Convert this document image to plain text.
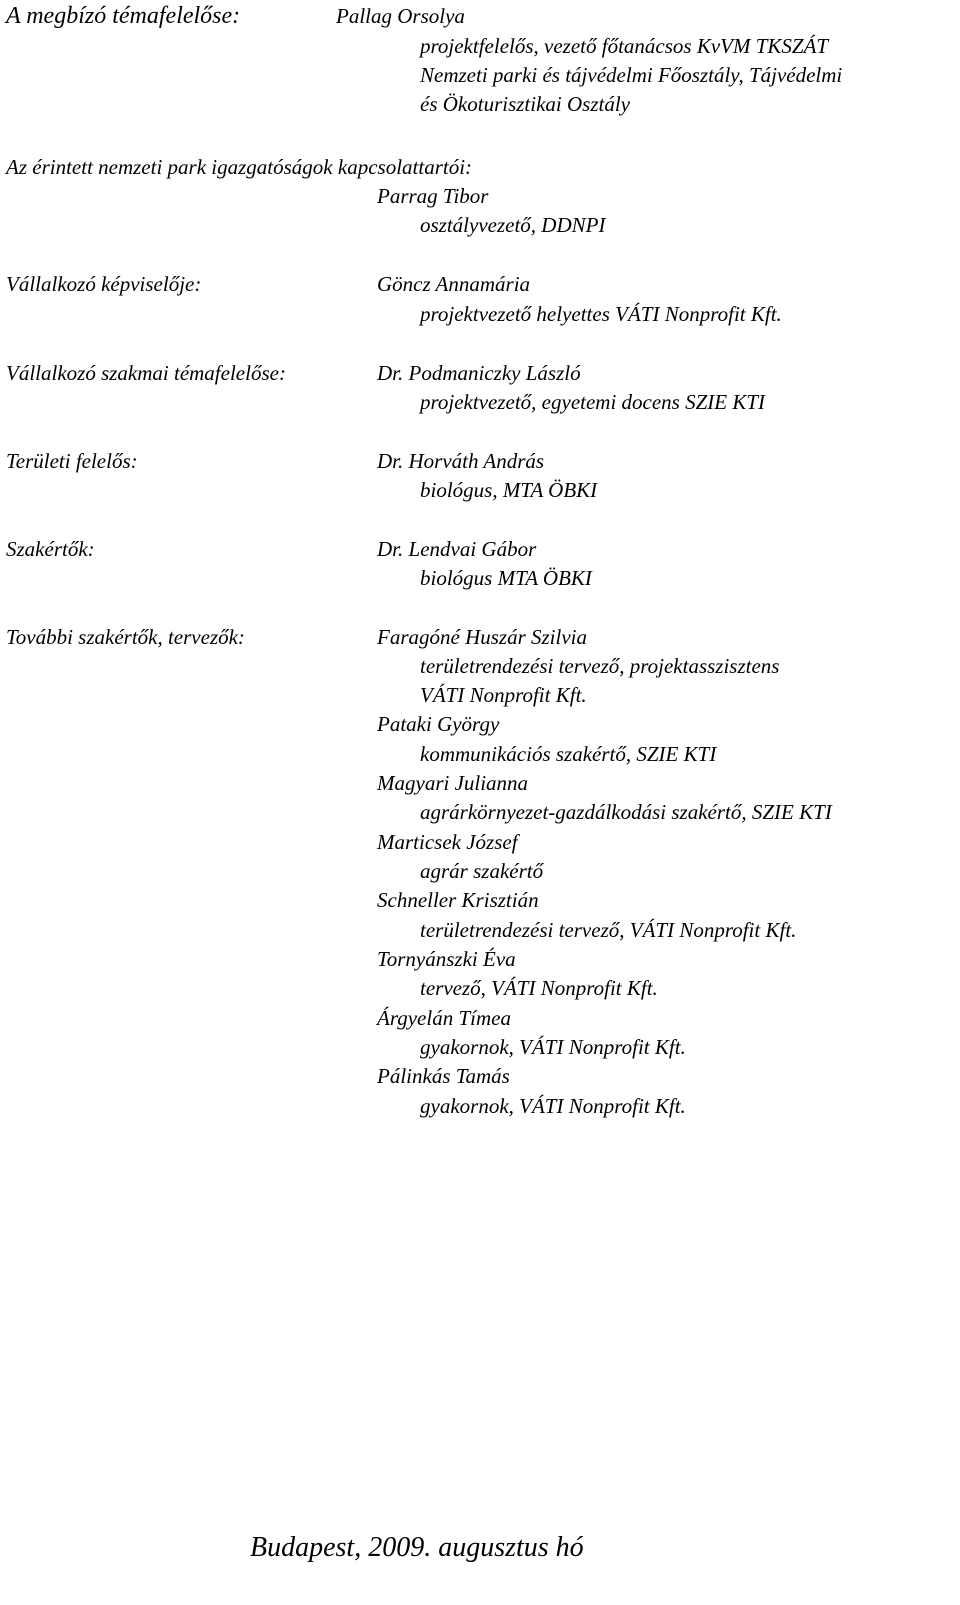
A megbízó témafelelőse:	Pallag Orsolya

projektfelelős, vezető főtanácsos KvVM TKSZÁT

Nemzeti parki és tájvédelmi Főosztály, Tájvédelmi

és Ökoturisztikai Osztály

Az érintett nemzeti park igazgatóságok kapcsolattartói:

Parrag Tibor

osztályvezető, DDNPI

Vállalkozó képviselője:	Göncz Annamária

projektvezető helyettes VÁTI Nonprofit Kft.

Vállalkozó szakmai témafelelőse:	Dr. Podmaniczky László

projektvezető, egyetemi docens SZIE KTI

Területi felelős:	Dr. Horváth András

biológus, MTA ÖBKI

Szakértők:	Dr. Lendvai Gábor

biológus MTA ÖBKI

További szakértők, tervezők:	Faragóné Huszár Szilvia

területrendezési tervező, projektasszisztens

VÁTI Nonprofit Kft.

Pataki György

kommunikációs szakértő, SZIE KTI

Magyari Julianna

agrárkörnyezet-gazdálkodási szakértő, SZIE KTI

Marticsek József

agrár szakértő

Schneller Krisztián

területrendezési tervező, VÁTI Nonprofit Kft.

Tornyánszki Éva

tervező, VÁTI Nonprofit Kft.

Árgyelán Tímea

gyakornok, VÁTI Nonprofit Kft.

Pálinkás Tamás

gyakornok, VÁTI Nonprofit Kft.

Budapest, 2009. augusztus hó
